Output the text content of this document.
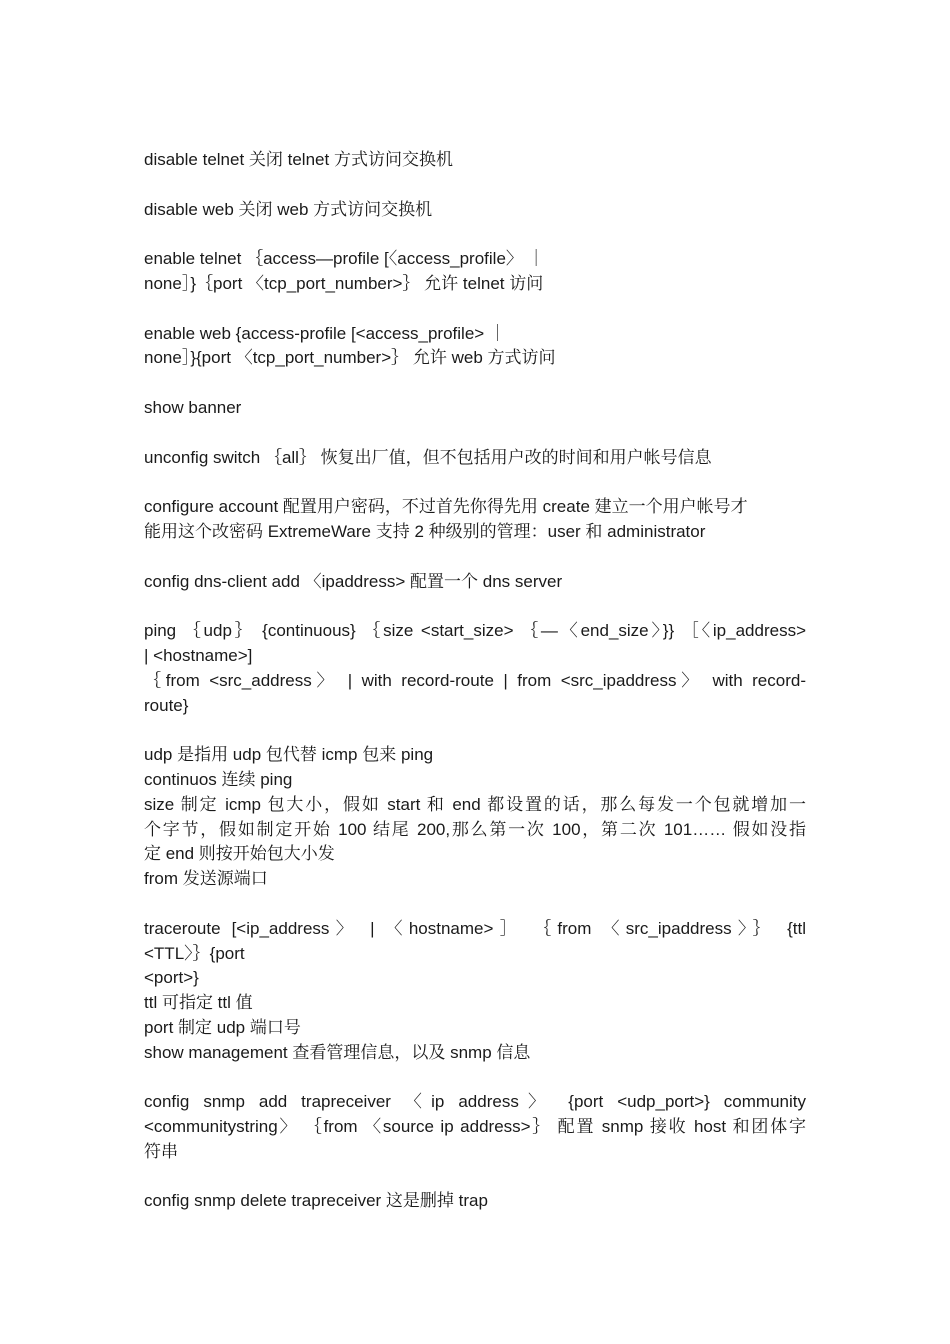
disable telnet 关闭 telnet 方式访问交换机

disable web 关闭 web 方式访问交换机

enable telnet ｛access—profile [〈access_profile〉 ｜
none］}｛port 〈tcp_port_number>｝ 允许 telnet 访问

enable web {access-profile [<access_profile> ｜
none］}{port 〈tcp_port_number>｝ 允许 web 方式访问

show banner

unconfig switch ｛all｝ 恢复出厂值，但不包括用户改的时间和用户帐号信息

configure account 配置用户密码，不过首先你得先用 create 建立一个用户帐号才
能用这个改密码 ExtremeWare 支持 2 种级别的管理：user 和 administrator

config dns-client add 〈ipaddress> 配置一个 dns server

ping ｛udp｝ {continuous} ｛size <start_size> ｛—〈end_size〉}} ［〈ip_address>
| <hostname>]
｛from <src_address〉 | with record-route | from <src_ipaddress〉 with record-
route}

udp 是指用 udp 包代替 icmp 包来 ping
continuos 连续 ping
size 制定 icmp 包大小，假如 start 和 end 都设置的话，那么每发一个包就增加一
个字节，假如制定开始 100 结尾 200,那么第一次 100，第二次 101…… 假如没指
定 end 则按开始包大小发
from 发送源端口

traceroute [<ip_address〉 | 〈hostname>］ ｛from 〈src_ipaddress〉｝ {ttl
<TTL〉｝{port
<port>}
ttl 可指定 ttl 值
port 制定 udp 端口号
show management 查看管理信息，以及 snmp 信息

config snmp add trapreceiver 〈ip address〉 {port <udp_port>} community
<communitystring〉 ｛from 〈source ip address>｝ 配置 snmp 接收 host 和团体字
符串

config snmp delete trapreceiver 这是删掉 trap
